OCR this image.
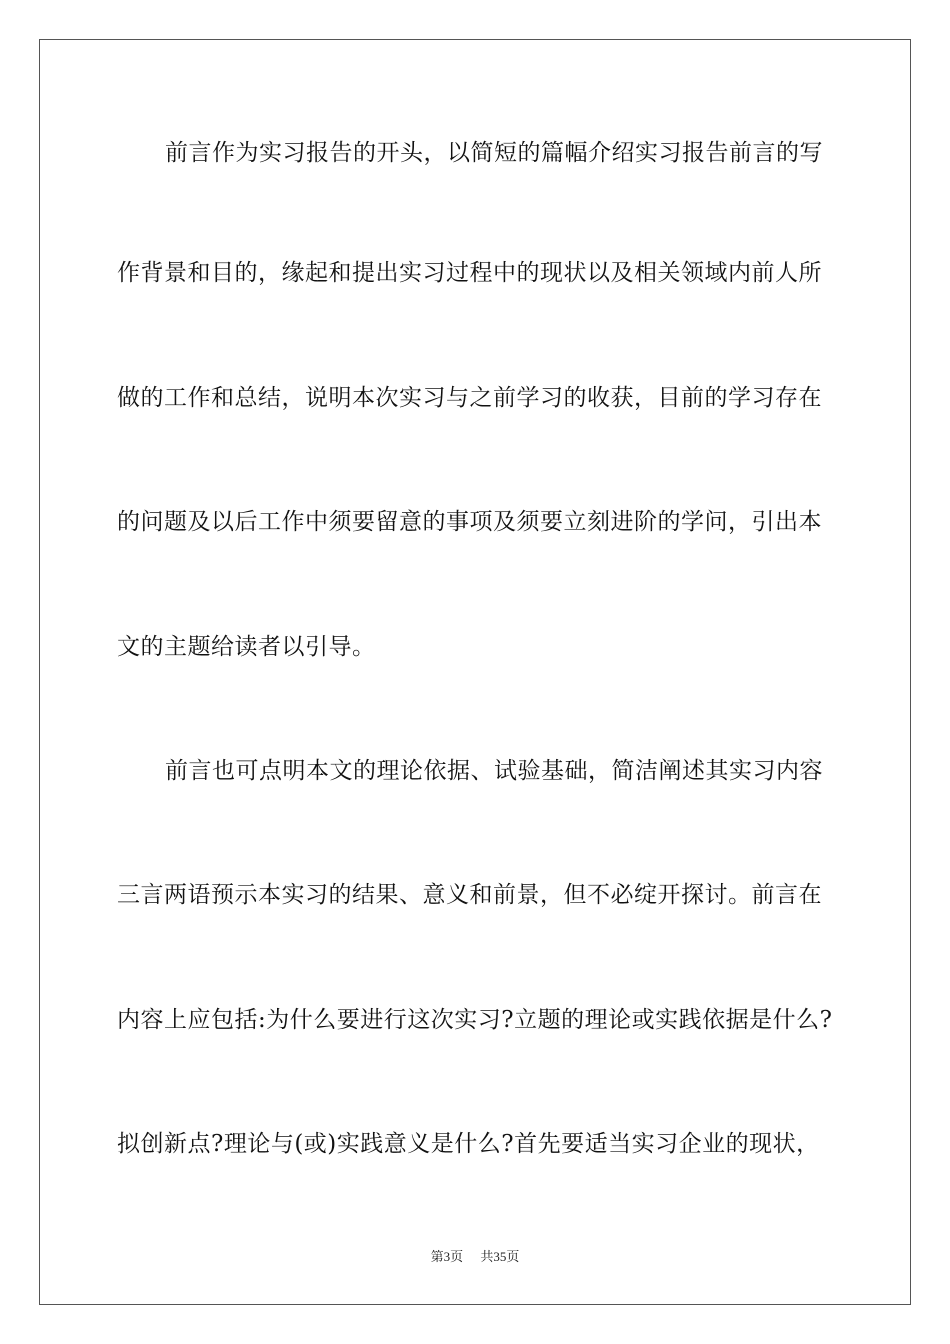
前言作为实习报告的开头，以简短的篇幅介绍实习报告前言的写
作背景和目的，缘起和提出实习过程中的现状以及相关领域内前人所
做的工作和总结，说明本次实习与之前学习的收获，目前的学习存在
的问题及以后工作中须要留意的事项及须要立刻进阶的学问，引出本
文的主题给读者以引导。
前言也可点明本文的理论依据、试验基础，简洁阐述其实习内容
三言两语预示本实习的结果、意义和前景，但不必绽开探讨。前言在
内容上应包括:为什么要进行这次实习?立题的理论或实践依据是什么?
拟创新点?理论与(或)实践意义是什么?首先要适当实习企业的现状，
第3页 共35页
